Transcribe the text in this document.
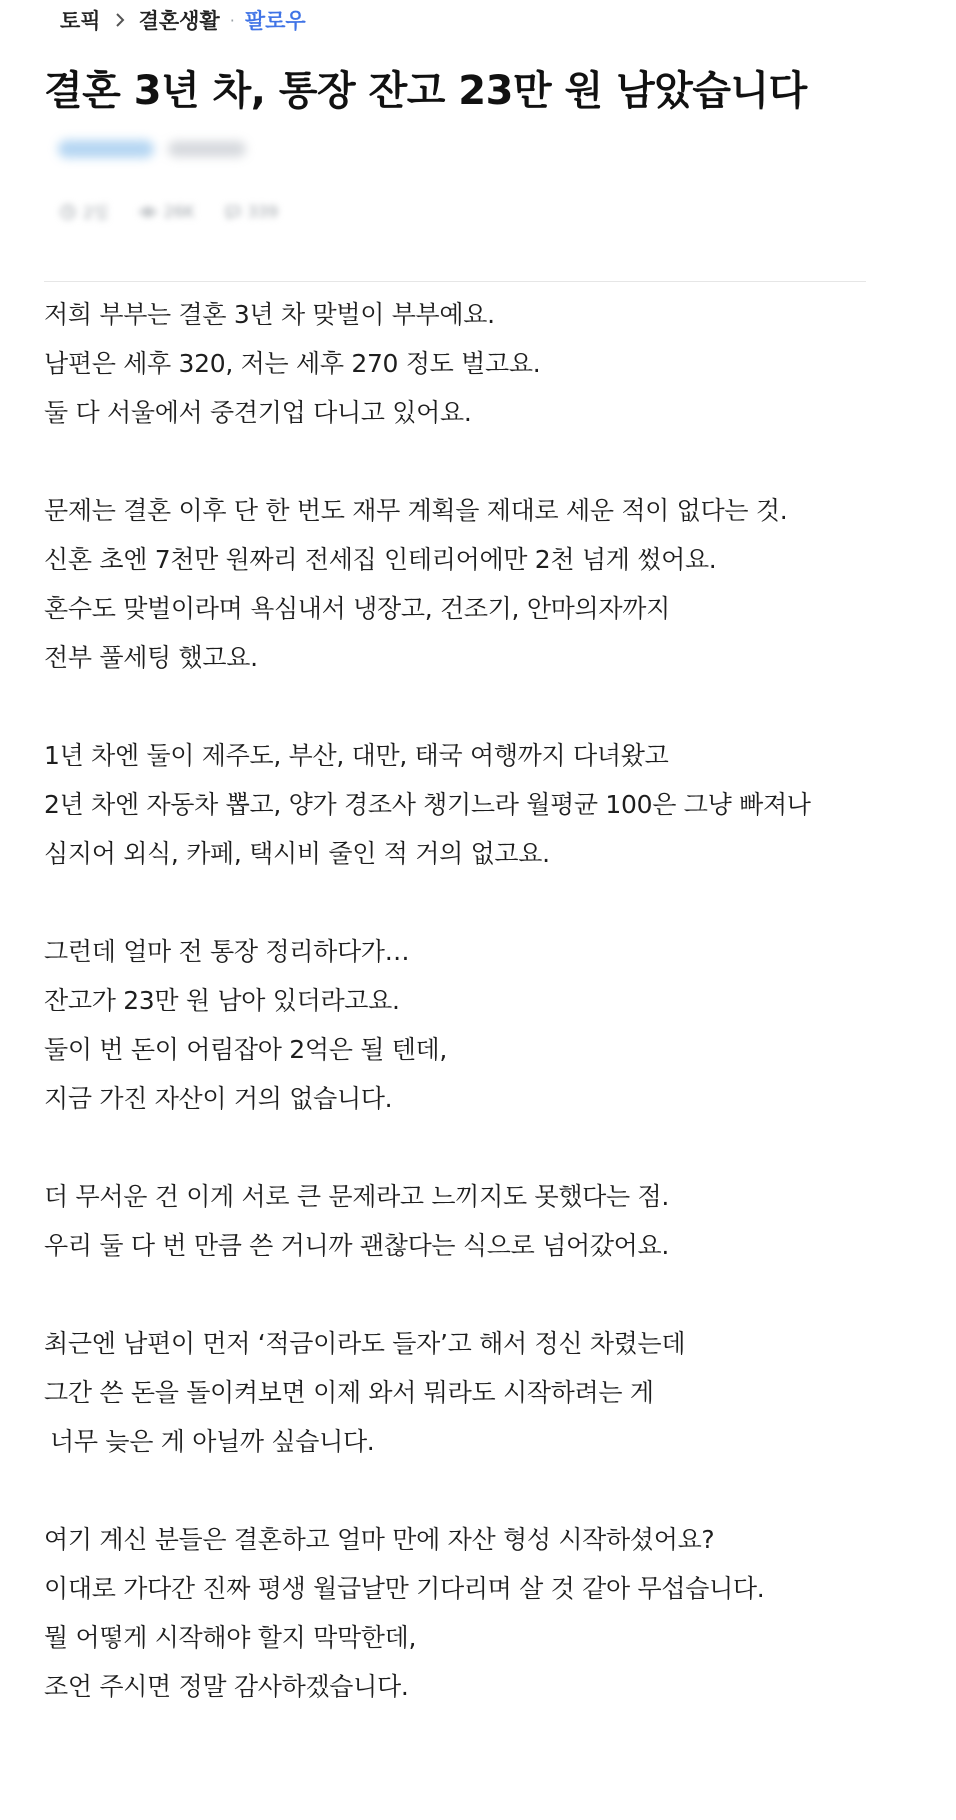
토픽 결혼생활 · 팔로우
결혼 3년 차, 통장 잔고 23만 원 남았습니다
2일	26K	339
저희 부부는 결혼 3년 차 맞벌이 부부예요.
남편은 세후 320, 저는 세후 270 정도 벌고요.
둘 다 서울에서 중견기업 다니고 있어요.
문제는 결혼 이후 단 한 번도 재무 계획을 제대로 세운 적이 없다는 것.
신혼 초엔 7천만 원짜리 전세집 인테리어에만 2천 넘게 썼어요.
혼수도 맞벌이라며 욕심내서 냉장고, 건조기, 안마의자까지
전부 풀세팅 했고요.
1년 차엔 둘이 제주도, 부산, 대만, 태국 여행까지 다녀왔고
2년 차엔 자동차 뽑고, 양가 경조사 챙기느라 월평균 100은 그냥 빠져나
심지어 외식, 카페, 택시비 줄인 적 거의 없고요.
그런데 얼마 전 통장 정리하다가…
잔고가 23만 원 남아 있더라고요.
둘이 번 돈이 어림잡아 2억은 될 텐데,
지금 가진 자산이 거의 없습니다.
더 무서운 건 이게 서로 큰 문제라고 느끼지도 못했다는 점.
우리 둘 다 번 만큼 쓴 거니까 괜찮다는 식으로 넘어갔어요.
최근엔 남편이 먼저 ‘적금이라도 들자’고 해서 정신 차렸는데
그간 쓴 돈을 돌이켜보면 이제 와서 뭐라도 시작하려는 게
너무 늦은 게 아닐까 싶습니다.
여기 계신 분들은 결혼하고 얼마 만에 자산 형성 시작하셨어요?
이대로 가다간 진짜 평생 월급날만 기다리며 살 것 같아 무섭습니다.
뭘 어떻게 시작해야 할지 막막한데,
조언 주시면 정말 감사하겠습니다.
